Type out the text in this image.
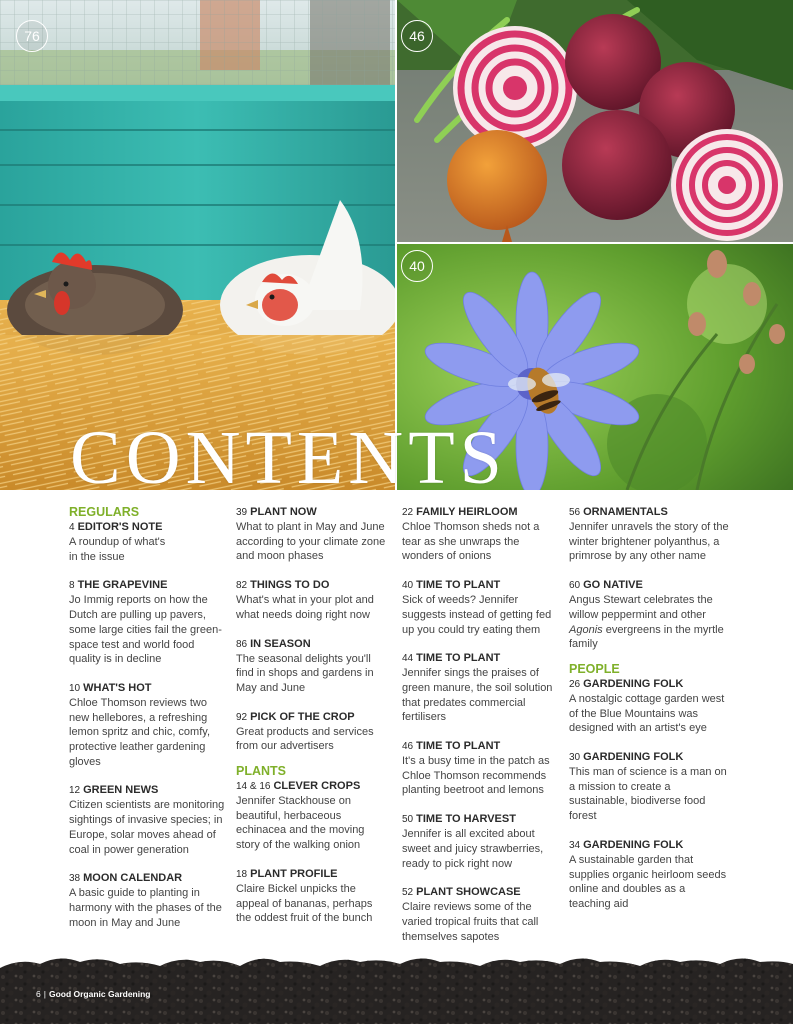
76	46
40
CONTENTS
REGULARS
4 EDITOR'S NOTE
A roundup of what's in the issue
8 THE GRAPEVINE
Jo Immig reports on how the Dutch are pulling up pavers, some large cities fail the green-space test and world food quality is in decline
10 WHAT'S HOT
Chloe Thomson reviews two new hellebores, a refreshing lemon spritz and chic, comfy, protective leather gardening gloves
12 GREEN NEWS
Citizen scientists are monitoring sightings of invasive species; in Europe, solar moves ahead of coal in power generation
38 MOON CALENDAR
A basic guide to planting in harmony with the phases of the moon in May and June
39 PLANT NOW
What to plant in May and June according to your climate zone and moon phases
82 THINGS TO DO
What's what in your plot and what needs doing right now
86 IN SEASON
The seasonal delights you'll find in shops and gardens in May and June
92 PICK OF THE CROP
Great products and services from our advertisers
PLANTS
14 & 16 CLEVER CROPS
Jennifer Stackhouse on beautiful, herbaceous echinacea and the moving story of the walking onion
18 PLANT PROFILE
Claire Bickel unpicks the appeal of bananas, perhaps the oddest fruit of the bunch
22 FAMILY HEIRLOOM
Chloe Thomson sheds not a tear as she unwraps the wonders of onions
40 TIME TO PLANT
Sick of weeds? Jennifer suggests instead of getting fed up you could try eating them
44 TIME TO PLANT
Jennifer sings the praises of green manure, the soil solution that predates commercial fertilisers
46 TIME TO PLANT
It's a busy time in the patch as Chloe Thomson recommends planting beetroot and lemons
50 TIME TO HARVEST
Jennifer is all excited about sweet and juicy strawberries, ready to pick right now
52 PLANT SHOWCASE
Claire reviews some of the varied tropical fruits that call themselves sapotes
56 ORNAMENTALS
Jennifer unravels the story of the winter brightener polyanthus, a primrose by any other name
60 GO NATIVE
Angus Stewart celebrates the willow peppermint and other Agonis evergreens in the myrtle family
PEOPLE
26 GARDENING FOLK
A nostalgic cottage garden west of the Blue Mountains was designed with an artist's eye
30 GARDENING FOLK
This man of science is a man on a mission to create a sustainable, biodiverse food forest
34 GARDENING FOLK
A sustainable garden that supplies organic heirloom seeds online and doubles as a teaching aid
6 | Good Organic Gardening
